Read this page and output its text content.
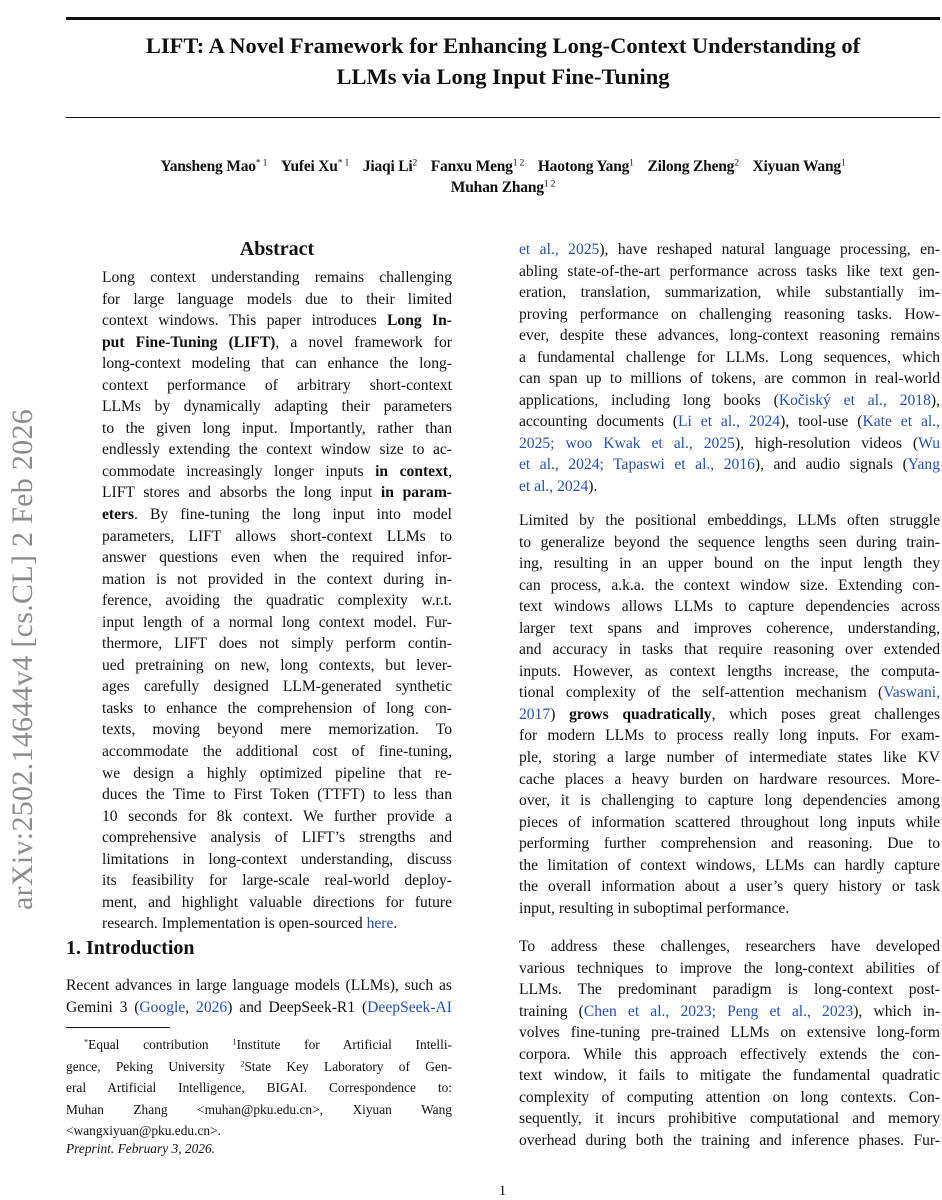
LIFT: A Novel Framework for Enhancing Long-Context Understanding of
LLMs via Long Input Fine-Tuning
Yansheng Mao$^{* 1}$ Yufei Xu$^{* 1}$ Jiaqi Li$^2$ Fanxu Meng$^{1 2}$ Haotong Yang$^1$ Zilong Zheng$^2$ Xiyuan Wang$^1$
Muhan Zhang$^{1 2}$
arXiv:2502.14644v4 [cs.CL] 2 Feb 2026
Abstract
Long context understanding remains challenging
for large language models due to their limited
context windows. This paper introduces Long In-
put Fine-Tuning (LIFT), a novel framework for
long-context modeling that can enhance the long-
context performance of arbitrary short-context
LLMs by dynamically adapting their parameters
to the given long input. Importantly, rather than
endlessly extending the context window size to ac-
commodate increasingly longer inputs in context,
LIFT stores and absorbs the long input in param-
eters. By fine-tuning the long input into model
parameters, LIFT allows short-context LLMs to
answer questions even when the required infor-
mation is not provided in the context during in-
ference, avoiding the quadratic complexity w.r.t.
input length of a normal long context model. Fur-
thermore, LIFT does not simply perform contin-
ued pretraining on new, long contexts, but lever-
ages carefully designed LLM-generated synthetic
tasks to enhance the comprehension of long con-
texts, moving beyond mere memorization. To
accommodate the additional cost of fine-tuning,
we design a highly optimized pipeline that re-
duces the Time to First Token (TTFT) to less than
10 seconds for 8k context. We further provide a
comprehensive analysis of LIFT’s strengths and
limitations in long-context understanding, discuss
its feasibility for large-scale real-world deploy-
ment, and highlight valuable directions for future
research. Implementation is open-sourced here.
1. Introduction
Recent advances in large language models (LLMs), such as
Gemini 3 (Google, 2026) and DeepSeek-R1 (DeepSeek-AI
*Equal contribution $^1$Institute for Artificial Intelli-
gence, Peking University $^2$State Key Laboratory of Gen-
eral Artificial Intelligence, BIGAI. Correspondence to:
Muhan Zhang <muhan@pku.edu.cn>, Xiyuan Wang
<wangxiyuan@pku.edu.cn>.
Preprint. February 3, 2026.
et al., 2025), have reshaped natural language processing, en-
abling state-of-the-art performance across tasks like text gen-
eration, translation, summarization, while substantially im-
proving performance on challenging reasoning tasks. How-
ever, despite these advances, long-context reasoning remains
a fundamental challenge for LLMs. Long sequences, which
can span up to millions of tokens, are common in real-world
applications, including long books (Kočiský et al., 2018),
accounting documents (Li et al., 2024), tool-use (Kate et al.,
2025; woo Kwak et al., 2025), high-resolution videos (Wu
et al., 2024; Tapaswi et al., 2016), and audio signals (Yang
et al., 2024).
Limited by the positional embeddings, LLMs often struggle
to generalize beyond the sequence lengths seen during train-
ing, resulting in an upper bound on the input length they
can process, a.k.a. the context window size. Extending con-
text windows allows LLMs to capture dependencies across
larger text spans and improves coherence, understanding,
and accuracy in tasks that require reasoning over extended
inputs. However, as context lengths increase, the computa-
tional complexity of the self-attention mechanism (Vaswani,
2017) grows quadratically, which poses great challenges
for modern LLMs to process really long inputs. For exam-
ple, storing a large number of intermediate states like KV
cache places a heavy burden on hardware resources. More-
over, it is challenging to capture long dependencies among
pieces of information scattered throughout long inputs while
performing further comprehension and reasoning. Due to
the limitation of context windows, LLMs can hardly capture
the overall information about a user’s query history or task
input, resulting in suboptimal performance.
To address these challenges, researchers have developed
various techniques to improve the long-context abilities of
LLMs. The predominant paradigm is long-context post-
training (Chen et al., 2023; Peng et al., 2023), which in-
volves fine-tuning pre-trained LLMs on extensive long-form
corpora. While this approach effectively extends the con-
text window, it fails to mitigate the fundamental quadratic
complexity of computing attention on long contexts. Con-
sequently, it incurs prohibitive computational and memory
overhead during both the training and inference phases. Fur-
1
